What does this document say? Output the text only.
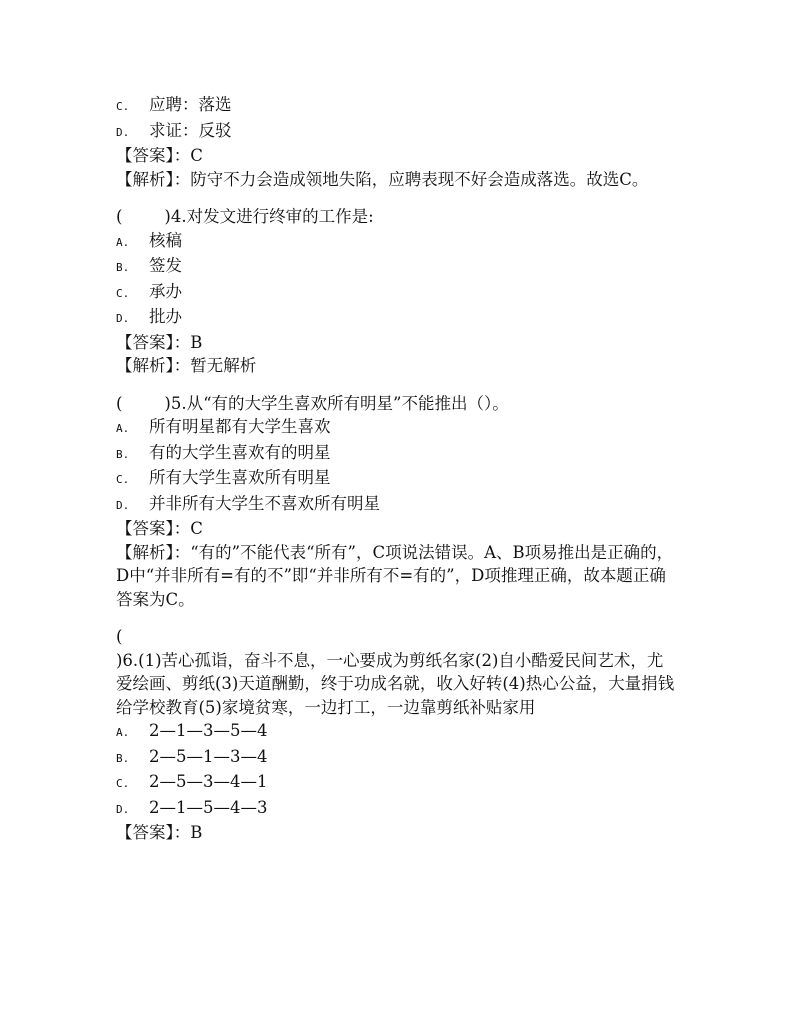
C. 应聘：落选
D. 求证：反驳
【答案】：C
【解析】：防守不力会造成领地失陷，应聘表现不好会造成落选。故选C。
(        )4.对发文进行终审的工作是:
A. 核稿
B. 签发
C. 承办
D. 批办
【答案】：B
【解析】：暂无解析
(        )5.从“有的大学生喜欢所有明星”不能推出（）。
A. 所有明星都有大学生喜欢
B. 有的大学生喜欢有的明星
C. 所有大学生喜欢所有明星
D. 并非所有大学生不喜欢所有明星
【答案】：C
【解析】：“有的”不能代表“所有”，C项说法错误。A、B项易推出是正确的，D中“并非所有=有的不”即“并非所有不=有的”，D项推理正确，故本题正确答案为C。
(
)6.(1)苦心孤诣，奋斗不息，一心要成为剪纸名家(2)自小酷爱民间艺术，尤爱绘画、剪纸(3)天道酬勤，终于功成名就，收入好转(4)热心公益，大量捐钱给学校教育(5)家境贫寒，一边打工，一边靠剪纸补贴家用
A. 2—1—3—5—4
B. 2—5—1—3—4
C. 2—5—3—4—1
D. 2—1—5—4—3
【答案】：B
